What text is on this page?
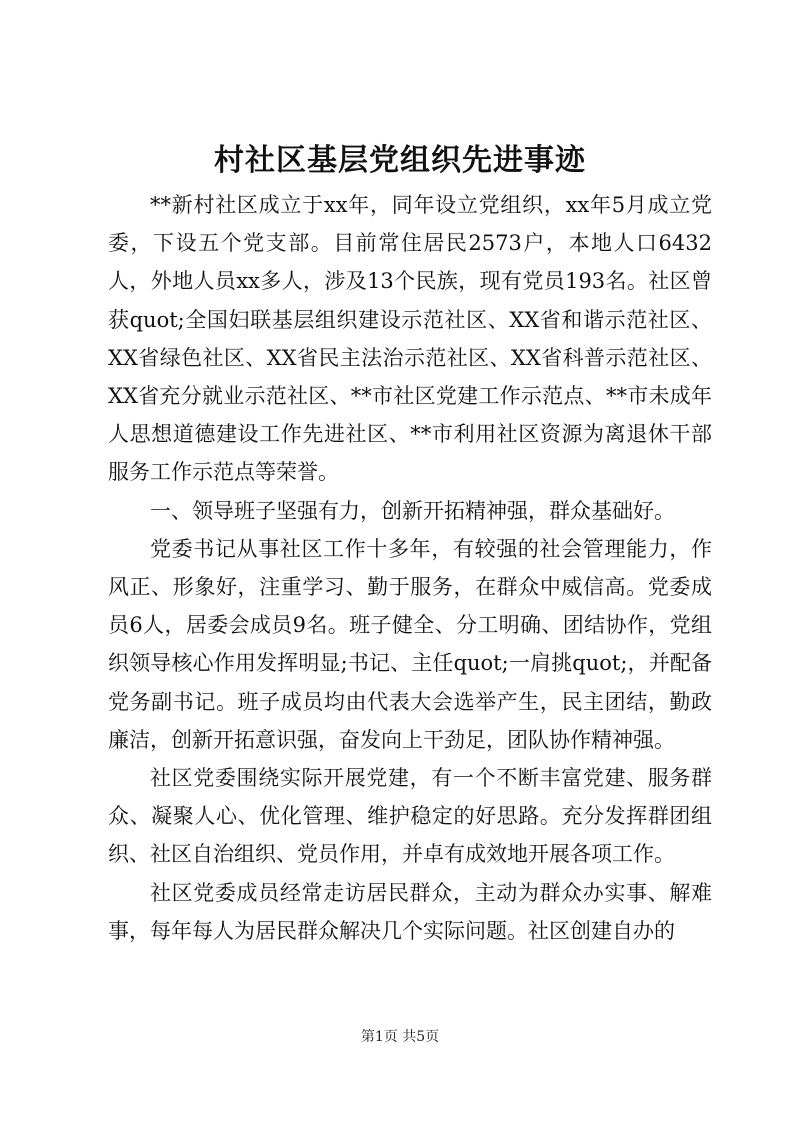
村社区基层党组织先进事迹

**新村社区成立于xx年，同年设立党组织，xx年5月成立党委，下设五个党支部。目前常住居民2573户，本地人口6432人，外地人员xx多人，涉及13个民族，现有党员193名。社区曾获quot;全国妇联基层组织建设示范社区、XX省和谐示范社区、XX省绿色社区、XX省民主法治示范社区、XX省科普示范社区、XX省充分就业示范社区、**市社区党建工作示范点、**市未成年人思想道德建设工作先进社区、**市利用社区资源为离退休干部服务工作示范点等荣誉。

一、领导班子坚强有力，创新开拓精神强，群众基础好。

党委书记从事社区工作十多年，有较强的社会管理能力，作风正、形象好，注重学习、勤于服务，在群众中威信高。党委成员6人，居委会成员9名。班子健全、分工明确、团结协作，党组织领导核心作用发挥明显;书记、主任quot;一肩挑quot;，并配备党务副书记。班子成员均由代表大会选举产生，民主团结，勤政廉洁，创新开拓意识强，奋发向上干劲足，团队协作精神强。

社区党委围绕实际开展党建，有一个不断丰富党建、服务群众、凝聚人心、优化管理、维护稳定的好思路。充分发挥群团组织、社区自治组织、党员作用，并卓有成效地开展各项工作。

社区党委成员经常走访居民群众，主动为群众办实事、解难事，每年每人为居民群众解决几个实际问题。社区创建自办的

第1页 共5页
